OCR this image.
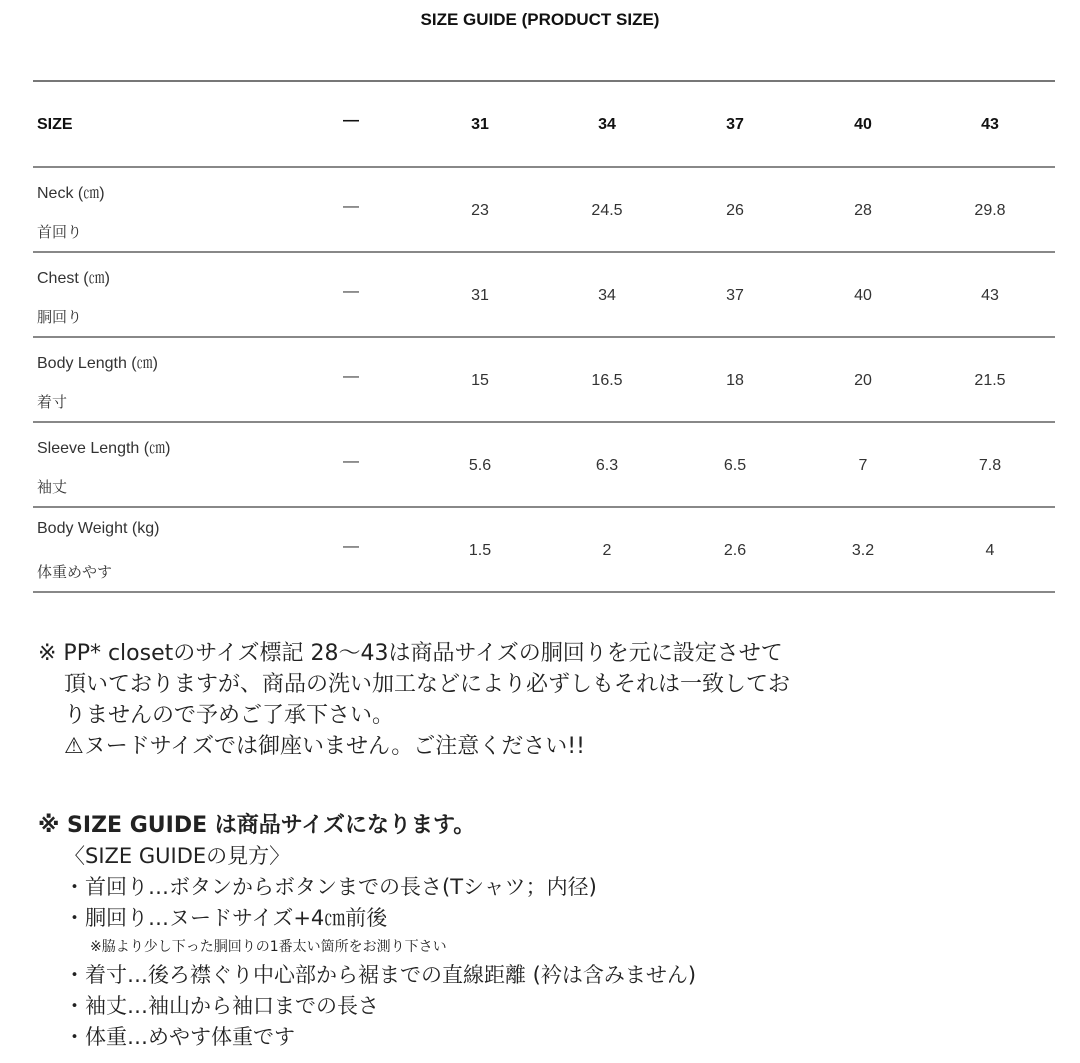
SIZE GUIDE (PRODUCT SIZE)
SIZE	—	31	34	37	40	43
Neck (㎝)
首回り
—	23	24.5	26	28	29.8
Chest (㎝)
胴回り
—	31	34	37	40	43
Body Length (㎝)
着寸
—	15	16.5	18	20	21.5
Sleeve Length (㎝)
袖丈
—	5.6	6.3	6.5	7	7.8
Body Weight (kg)
体重めやす
—	1.5	2	2.6	3.2	4
※ PP* closetのサイズ標記 28〜43は商品サイズの胴回りを元に設定させて
頂いておりますが、商品の洗い加工などにより必ずしもそれは一致してお
りませんので予めご了承下さい。
⚠ヌードサイズでは御座いません。ご注意ください!!
※ SIZE GUIDE は商品サイズになります。
〈SIZE GUIDEの見方〉
・首回り…ボタンからボタンまでの長さ(Tシャツ；内径)
・胴回り…ヌードサイズ+4㎝前後
※脇より少し下った胴回りの1番太い箇所をお測り下さい
・着寸…後ろ襟ぐり中心部から裾までの直線距離 (衿は含みません)
・袖丈…袖山から袖口までの長さ
・体重…めやす体重です
